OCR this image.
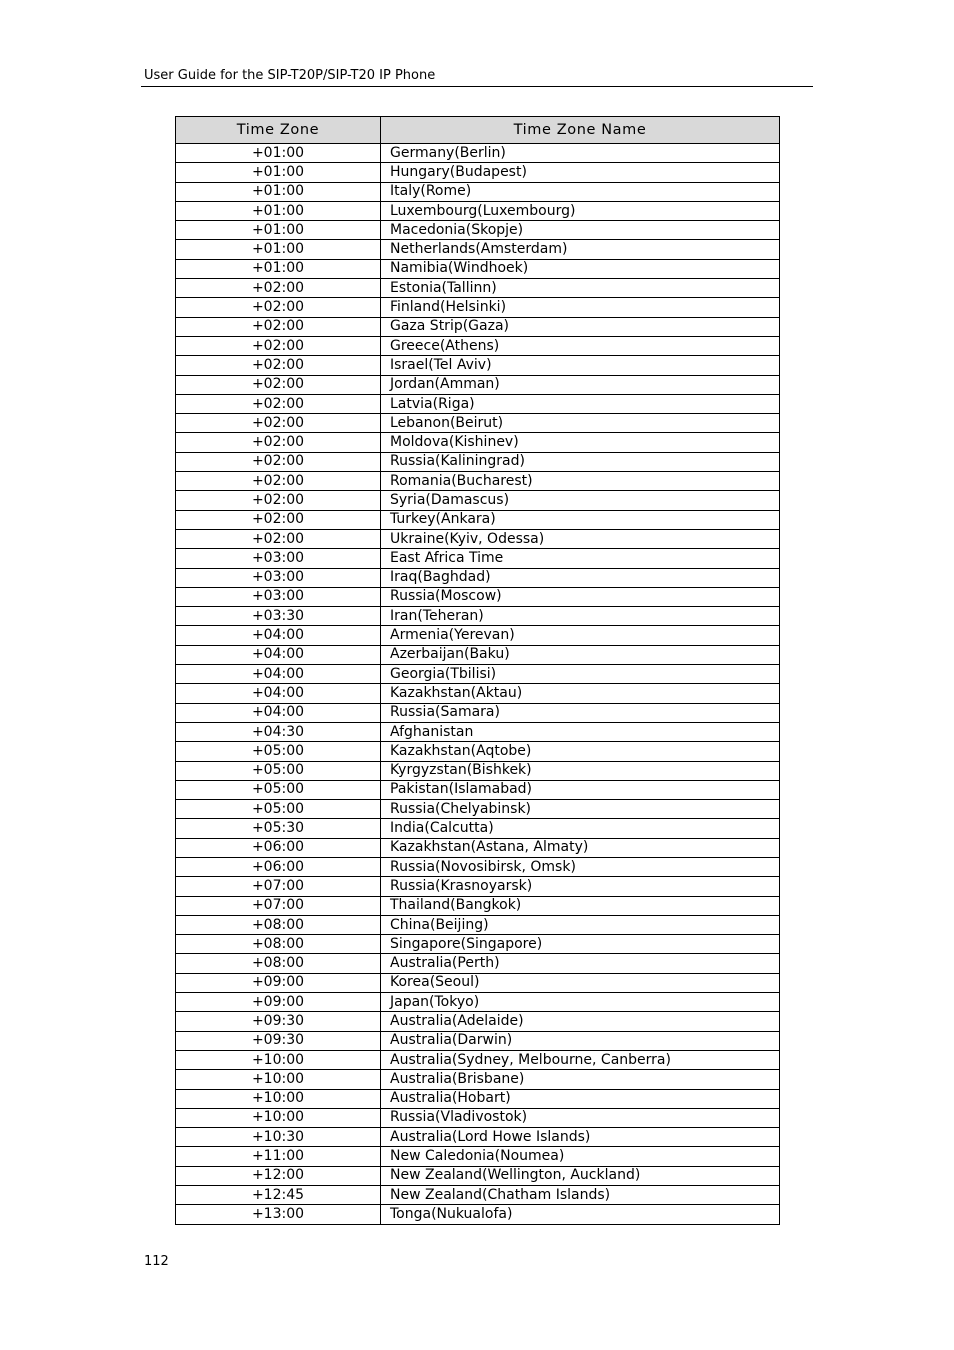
User Guide for the SIP-T20P/SIP-T20 IP Phone
Time Zone	Time Zone Name
+01:00	Germany(Berlin)
+01:00	Hungary(Budapest)
+01:00	Italy(Rome)
+01:00	Luxembourg(Luxembourg)
+01:00	Macedonia(Skopje)
+01:00	Netherlands(Amsterdam)
+01:00	Namibia(Windhoek)
+02:00	Estonia(Tallinn)
+02:00	Finland(Helsinki)
+02:00	Gaza Strip(Gaza)
+02:00	Greece(Athens)
+02:00	Israel(Tel Aviv)
+02:00	Jordan(Amman)
+02:00	Latvia(Riga)
+02:00	Lebanon(Beirut)
+02:00	Moldova(Kishinev)
+02:00	Russia(Kaliningrad)
+02:00	Romania(Bucharest)
+02:00	Syria(Damascus)
+02:00	Turkey(Ankara)
+02:00	Ukraine(Kyiv, Odessa)
+03:00	East Africa Time
+03:00	Iraq(Baghdad)
+03:00	Russia(Moscow)
+03:30	Iran(Teheran)
+04:00	Armenia(Yerevan)
+04:00	Azerbaijan(Baku)
+04:00	Georgia(Tbilisi)
+04:00	Kazakhstan(Aktau)
+04:00	Russia(Samara)
+04:30	Afghanistan
+05:00	Kazakhstan(Aqtobe)
+05:00	Kyrgyzstan(Bishkek)
+05:00	Pakistan(Islamabad)
+05:00	Russia(Chelyabinsk)
+05:30	India(Calcutta)
+06:00	Kazakhstan(Astana, Almaty)
+06:00	Russia(Novosibirsk, Omsk)
+07:00	Russia(Krasnoyarsk)
+07:00	Thailand(Bangkok)
+08:00	China(Beijing)
+08:00	Singapore(Singapore)
+08:00	Australia(Perth)
+09:00	Korea(Seoul)
+09:00	Japan(Tokyo)
+09:30	Australia(Adelaide)
+09:30	Australia(Darwin)
+10:00	Australia(Sydney, Melbourne, Canberra)
+10:00	Australia(Brisbane)
+10:00	Australia(Hobart)
+10:00	Russia(Vladivostok)
+10:30	Australia(Lord Howe Islands)
+11:00	New Caledonia(Noumea)
+12:00	New Zealand(Wellington, Auckland)
+12:45	New Zealand(Chatham Islands)
+13:00	Tonga(Nukualofa)
112
